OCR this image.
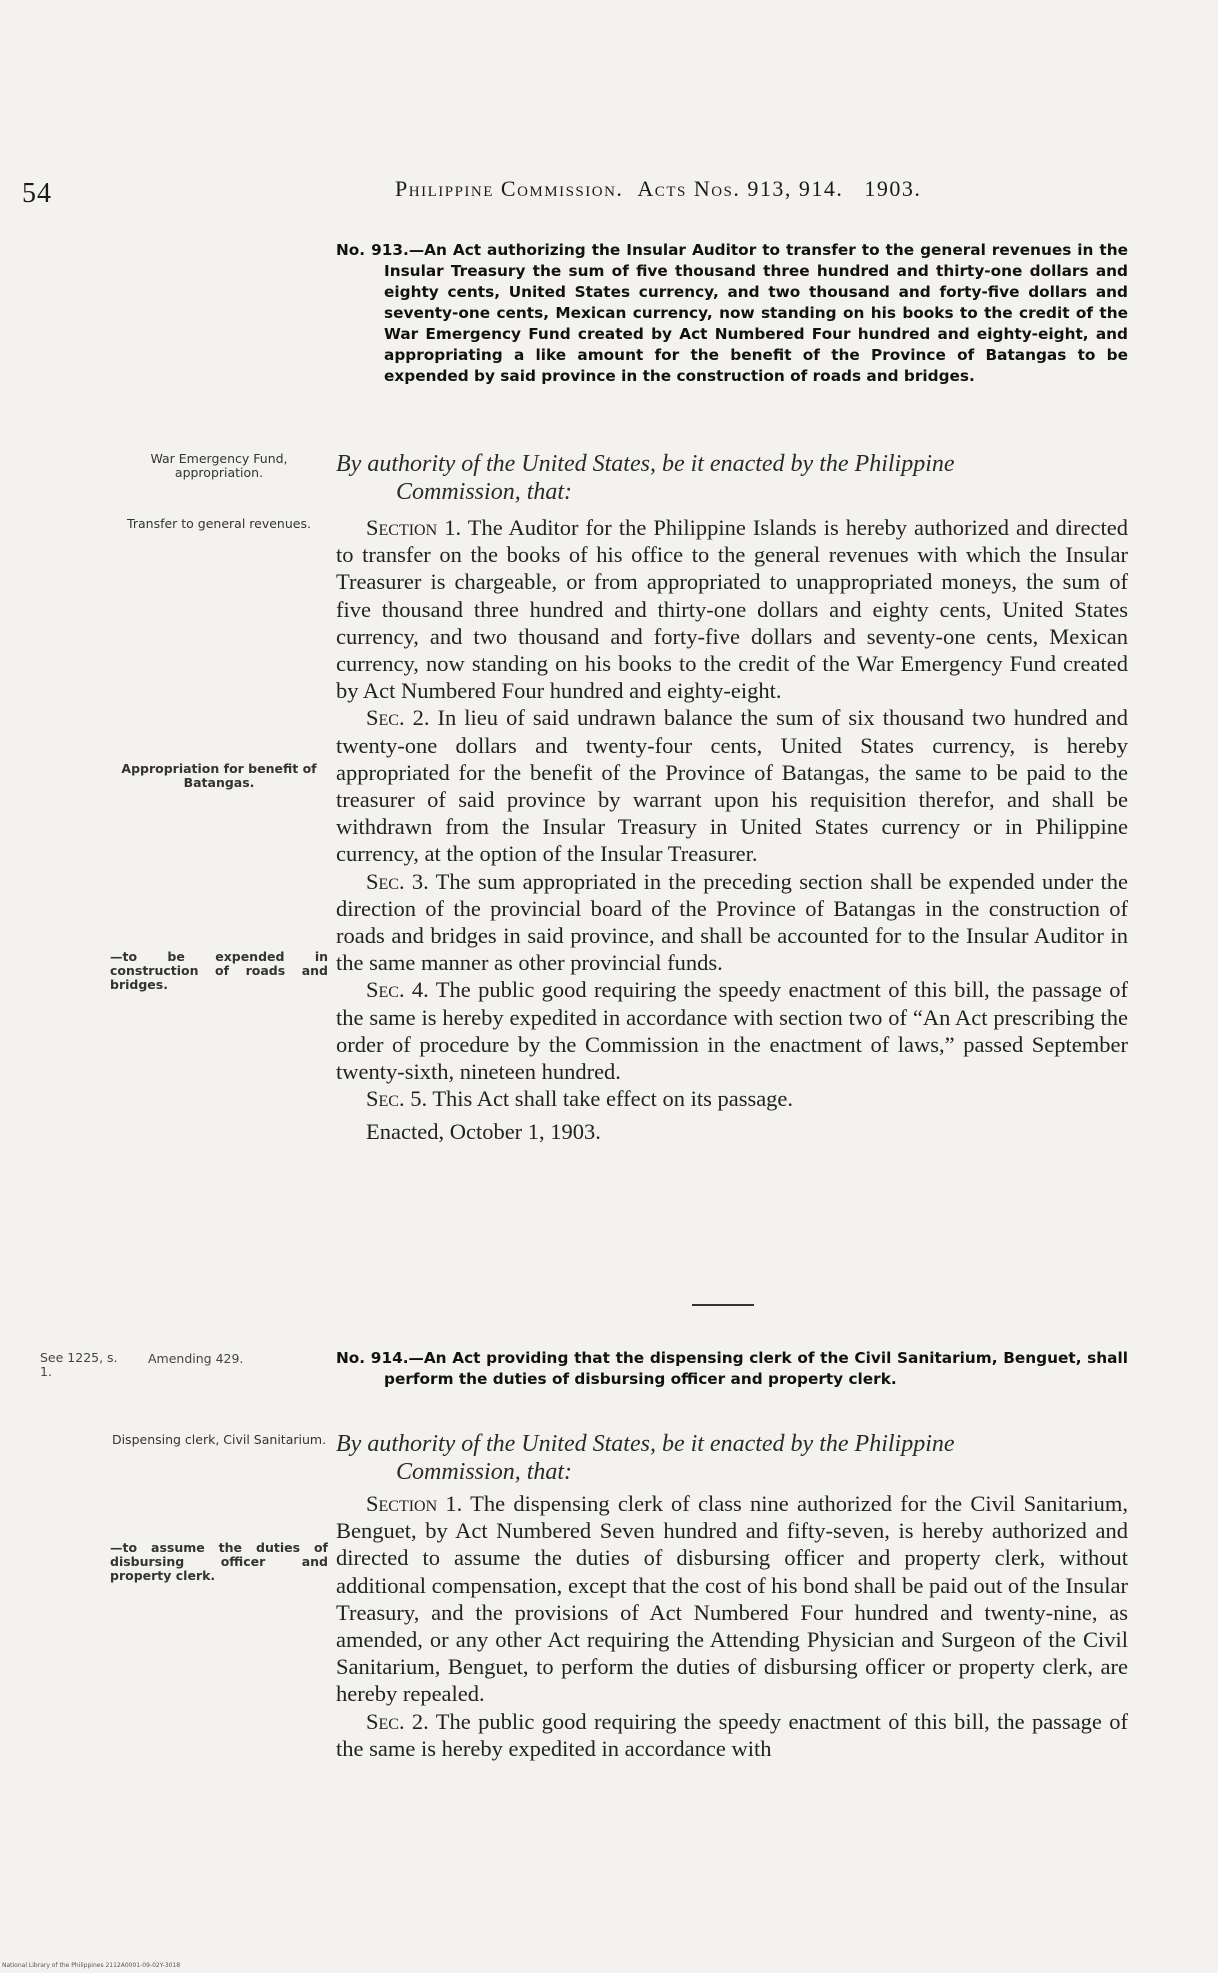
54	Philippine Commission. Acts Nos. 913, 914. 1903.
No. 913.—An Act authorizing the Insular Auditor to transfer to the general revenues in the Insular Treasury the sum of five thousand three hundred and thirty-one dollars and eighty cents, United States currency, and two thousand and forty-five dollars and seventy-one cents, Mexican currency, now standing on his books to the credit of the War Emergency Fund created by Act Numbered Four hundred and eighty-eight, and appropriating a like amount for the benefit of the Province of Batangas to be expended by said province in the construction of roads and bridges.
War Emergency Fund, appropriation.	By authority of the United States, be it enacted by the Philippine
Commission, that:
Transfer to general revenues.
Appropriation for benefit of Batangas.
—to be expended in construction of roads and bridges.

Section 1. The Auditor for the Philippine Islands is hereby authorized and directed to transfer on the books of his office to the general revenues with which the Insular Treasurer is chargeable, or from appropriated to unappropriated moneys, the sum of five thousand three hundred and thirty-one dollars and eighty cents, United States currency, and two thousand and forty-five dollars and seventy-one cents, Mexican currency, now standing on his books to the credit of the War Emergency Fund created by Act Numbered Four hundred and eighty-eight.

Sec. 2. In lieu of said undrawn balance the sum of six thousand two hundred and twenty-one dollars and twenty-four cents, United States currency, is hereby appropriated for the benefit of the Province of Batangas, the same to be paid to the treasurer of said province by warrant upon his requisition therefor, and shall be withdrawn from the Insular Treasury in United States currency or in Philippine currency, at the option of the Insular Treasurer.

Sec. 3. The sum appropriated in the preceding section shall be expended under the direction of the provincial board of the Province of Batangas in the construction of roads and bridges in said province, and shall be accounted for to the Insular Auditor in the same manner as other provincial funds.

Sec. 4. The public good requiring the speedy enactment of this bill, the passage of the same is hereby expedited in accordance with section two of “An Act prescribing the order of procedure by the Commission in the enactment of laws,” passed September twenty-sixth, nineteen hundred.

Sec. 5. This Act shall take effect on its passage.

Enacted, October 1, 1903.

See 1225, s. 1.
Amending 429.	No. 914.—An Act providing that the dispensing clerk of the Civil Sanitarium, Benguet, shall perform the duties of disbursing officer and property clerk.
Dispensing clerk, Civil Sanitarium. By authority of the United States, be it enacted by the Philippine
Commission, that:
—to assume the duties of disbursing officer and property clerk.

Section 1. The dispensing clerk of class nine authorized for the Civil Sanitarium, Benguet, by Act Numbered Seven hundred and fifty-seven, is hereby authorized and directed to assume the duties of disbursing officer and property clerk, without additional compensation, except that the cost of his bond shall be paid out of the Insular Treasury, and the provisions of Act Numbered Four hundred and twenty-nine, as amended, or any other Act requiring the Attending Physician and Surgeon of the Civil Sanitarium, Benguet, to perform the duties of disbursing officer or property clerk, are hereby repealed.

Sec. 2. The public good requiring the speedy enactment of this bill, the passage of the same is hereby expedited in accordance with

National Library of the Philippines 2112A0001-09-02Y-3018
